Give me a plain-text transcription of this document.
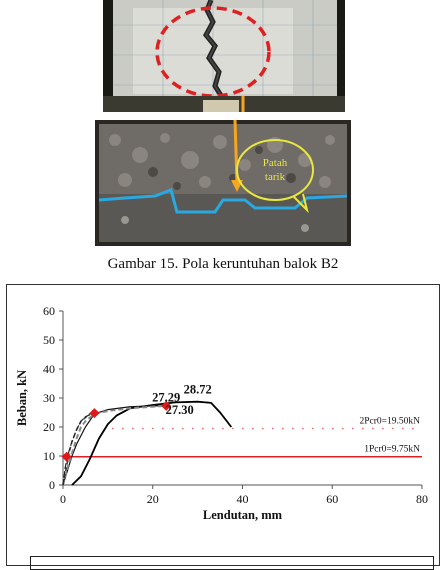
Patah
tarik
Gambar 15. Pola keruntuhan balok B2
0
10
20
30
40
50
60
0	20	40	60	80
Lendutan, mm
Beban, kN	2Pcr0=19.50kN
1Pcr0=9.75kN
28.72
27.29
27.30
